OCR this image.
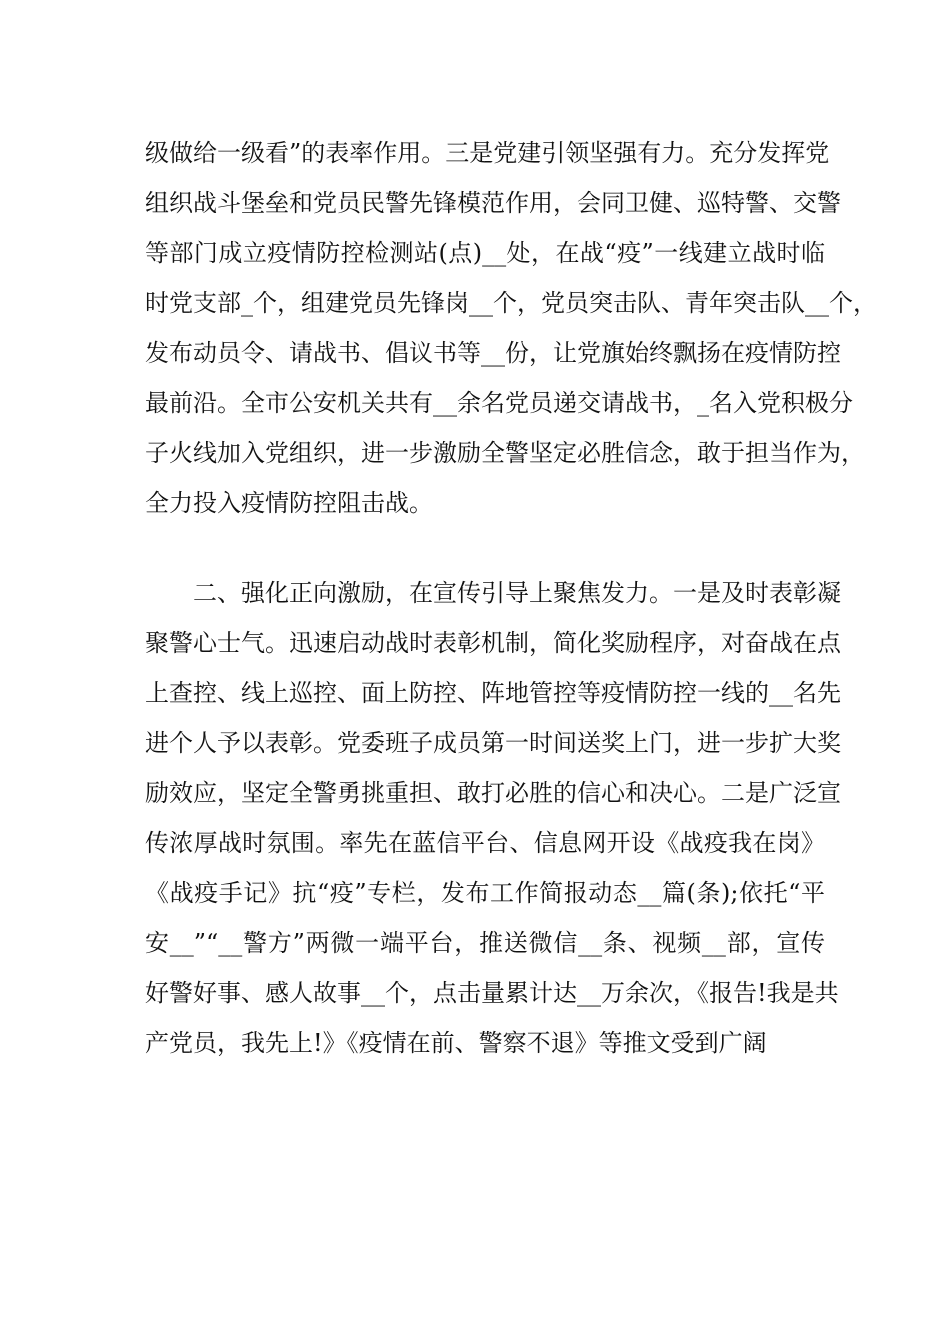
级做给一级看”的表率作用。三是党建引领坚强有力。充分发挥党
组织战斗堡垒和党员民警先锋模范作用，会同卫健、巡特警、交警
等部门成立疫情防控检测站(点)__处，在战“疫”一线建立战时临
时党支部_个，组建党员先锋岗__个，党员突击队、青年突击队__个，
发布动员令、请战书、倡议书等__份，让党旗始终飘扬在疫情防控
最前沿。全市公安机关共有__余名党员递交请战书，_名入党积极分
子火线加入党组织，进一步激励全警坚定必胜信念，敢于担当作为，
全力投入疫情防控阻击战。
二、强化正向激励，在宣传引导上聚焦发力。一是及时表彰凝
聚警心士气。迅速启动战时表彰机制，简化奖励程序，对奋战在点
上查控、线上巡控、面上防控、阵地管控等疫情防控一线的__名先
进个人予以表彰。党委班子成员第一时间送奖上门，进一步扩大奖
励效应，坚定全警勇挑重担、敢打必胜的信心和决心。二是广泛宣
传浓厚战时氛围。率先在蓝信平台、信息网开设《战疫我在岗》
《战疫手记》抗“疫”专栏，发布工作简报动态__篇(条);依托“平
安__”“__警方”两微一端平台，推送微信__条、视频__部，宣传
好警好事、感人故事__个，点击量累计达__万余次，《报告!我是共
产党员，我先上!》《疫情在前、警察不退》等推文受到广阔
